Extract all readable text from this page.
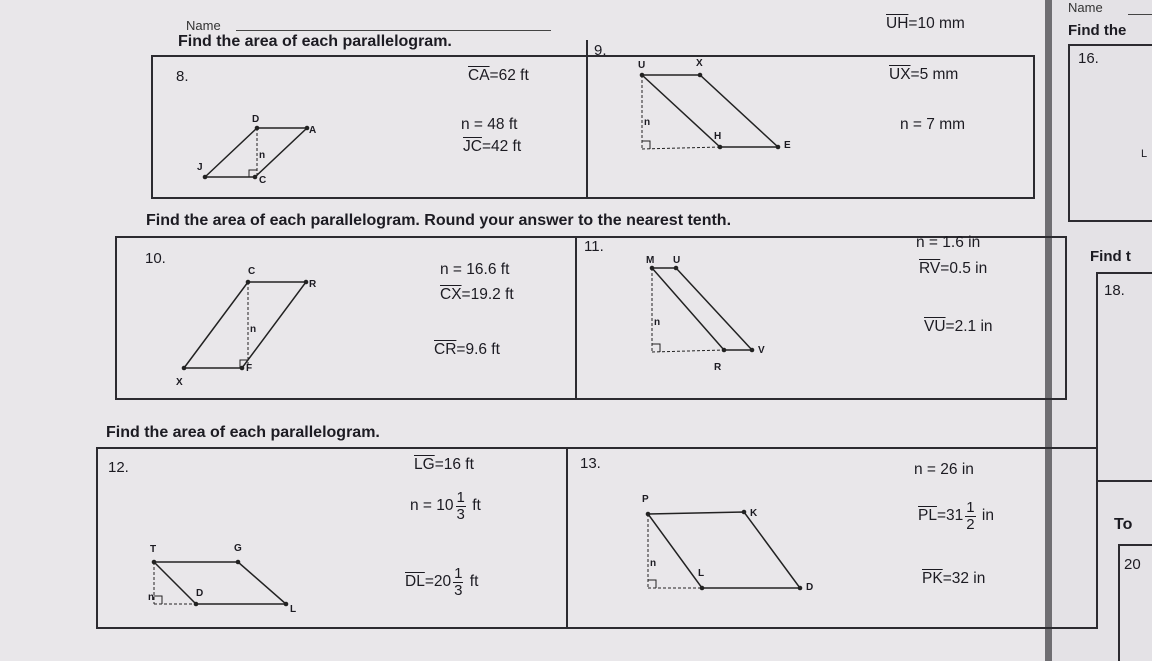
Name
Find the area of each parallelogram.
8.	$\overline{CA}=62$ ft
n = 48 ft
$\overline{JC}=42$ ft
D
A
J
C
n
9.
$\overline{UH}=10$ mm
$\overline{UX}=5$ mm
n = 7 mm
U	X
H
E
n
Find the area of each parallelogram. Round your answer to the nearest tenth.
10.
n = 16.6 ft
$\overline{CX}=19.2$ ft
$\overline{CR}=9.6$ ft
C
R
X
F
n
11.	n = 1.6 in
$\overline{RV}=0.5$ in
$\overline{VU}=2.1$ in
M U
V
R
n
Find the area of each parallelogram.
12.	$\overline{LG}=16$ ft
$n = 10 \frac{1}{3}$ ft
$\overline{DL}=20 \frac{1}{3}$ ft
T	G
D
L
n
13.	n = 26 in
$\overline{PL}=31 \frac{1}{2}$ in
$\overline{PK}=32$ in
P
K
L
D
n
Name
Find the
16.
L
Find t
18.
To
20
